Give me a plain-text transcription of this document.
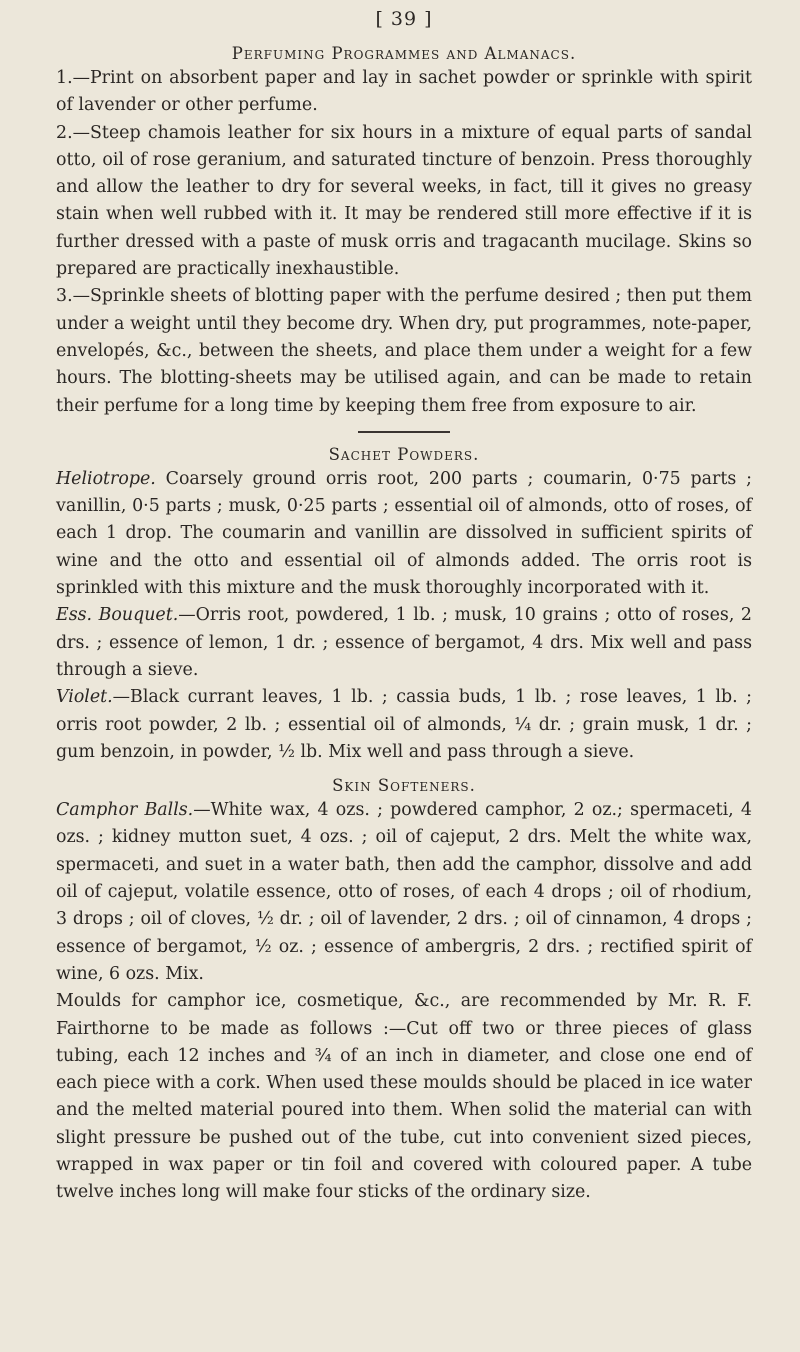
[ 39 ]
Perfuming Programmes and Almanacs.

1.—Print on absorbent paper and lay in sachet powder or sprinkle with spirit of lavender or other perfume.

2.—Steep chamois leather for six hours in a mixture of equal parts of sandal otto, oil of rose geranium, and saturated tincture of benzoin. Press thoroughly and allow the leather to dry for several weeks, in fact, till it gives no greasy stain when well rubbed with it. It may be rendered still more effective if it is further dressed with a paste of musk orris and tragacanth mucilage. Skins so prepared are practically inexhaustible.

3.—Sprinkle sheets of blotting paper with the perfume desired ; then put them under a weight until they become dry. When dry, put programmes, note-paper, envelopés, &c., between the sheets, and place them under a weight for a few hours. The blotting-sheets may be utilised again, and can be made to retain their perfume for a long time by keeping them free from exposure to air.

Sachet Powders.

Heliotrope. Coarsely ground orris root, 200 parts ; coumarin, 0·75 parts ; vanillin, 0·5 parts ; musk, 0·25 parts ; essential oil of almonds, otto of roses, of each 1 drop. The coumarin and vanillin are dissolved in sufficient spirits of wine and the otto and essential oil of almonds added. The orris root is sprinkled with this mixture and the musk thoroughly incorporated with it.

Ess. Bouquet.—Orris root, powdered, 1 lb. ; musk, 10 grains ; otto of roses, 2 drs. ; essence of lemon, 1 dr. ; essence of bergamot, 4 drs. Mix well and pass through a sieve.

Violet.—Black currant leaves, 1 lb. ; cassia buds, 1 lb. ; rose leaves, 1 lb. ; orris root powder, 2 lb. ; essential oil of almonds, ¼ dr. ; grain musk, 1 dr. ; gum benzoin, in powder, ½ lb. Mix well and pass through a sieve.

Skin Softeners.

Camphor Balls.—White wax, 4 ozs. ; powdered camphor, 2 oz.; spermaceti, 4 ozs. ; kidney mutton suet, 4 ozs. ; oil of cajeput, 2 drs. Melt the white wax, spermaceti, and suet in a water bath, then add the camphor, dissolve and add oil of cajeput, volatile essence, otto of roses, of each 4 drops ; oil of rhodium, 3 drops ; oil of cloves, ½ dr. ; oil of lavender, 2 drs. ; oil of cinnamon, 4 drops ; essence of bergamot, ½ oz. ; essence of ambergris, 2 drs. ; rectified spirit of wine, 6 ozs. Mix.

Moulds for camphor ice, cosmetique, &c., are recommended by Mr. R. F. Fairthorne to be made as follows :—Cut off two or three pieces of glass tubing, each 12 inches and ¾ of an inch in diameter, and close one end of each piece with a cork. When used these moulds should be placed in ice water and the melted material poured into them. When solid the material can with slight pressure be pushed out of the tube, cut into convenient sized pieces, wrapped in wax paper or tin foil and covered with coloured paper. A tube twelve inches long will make four sticks of the ordinary size.
